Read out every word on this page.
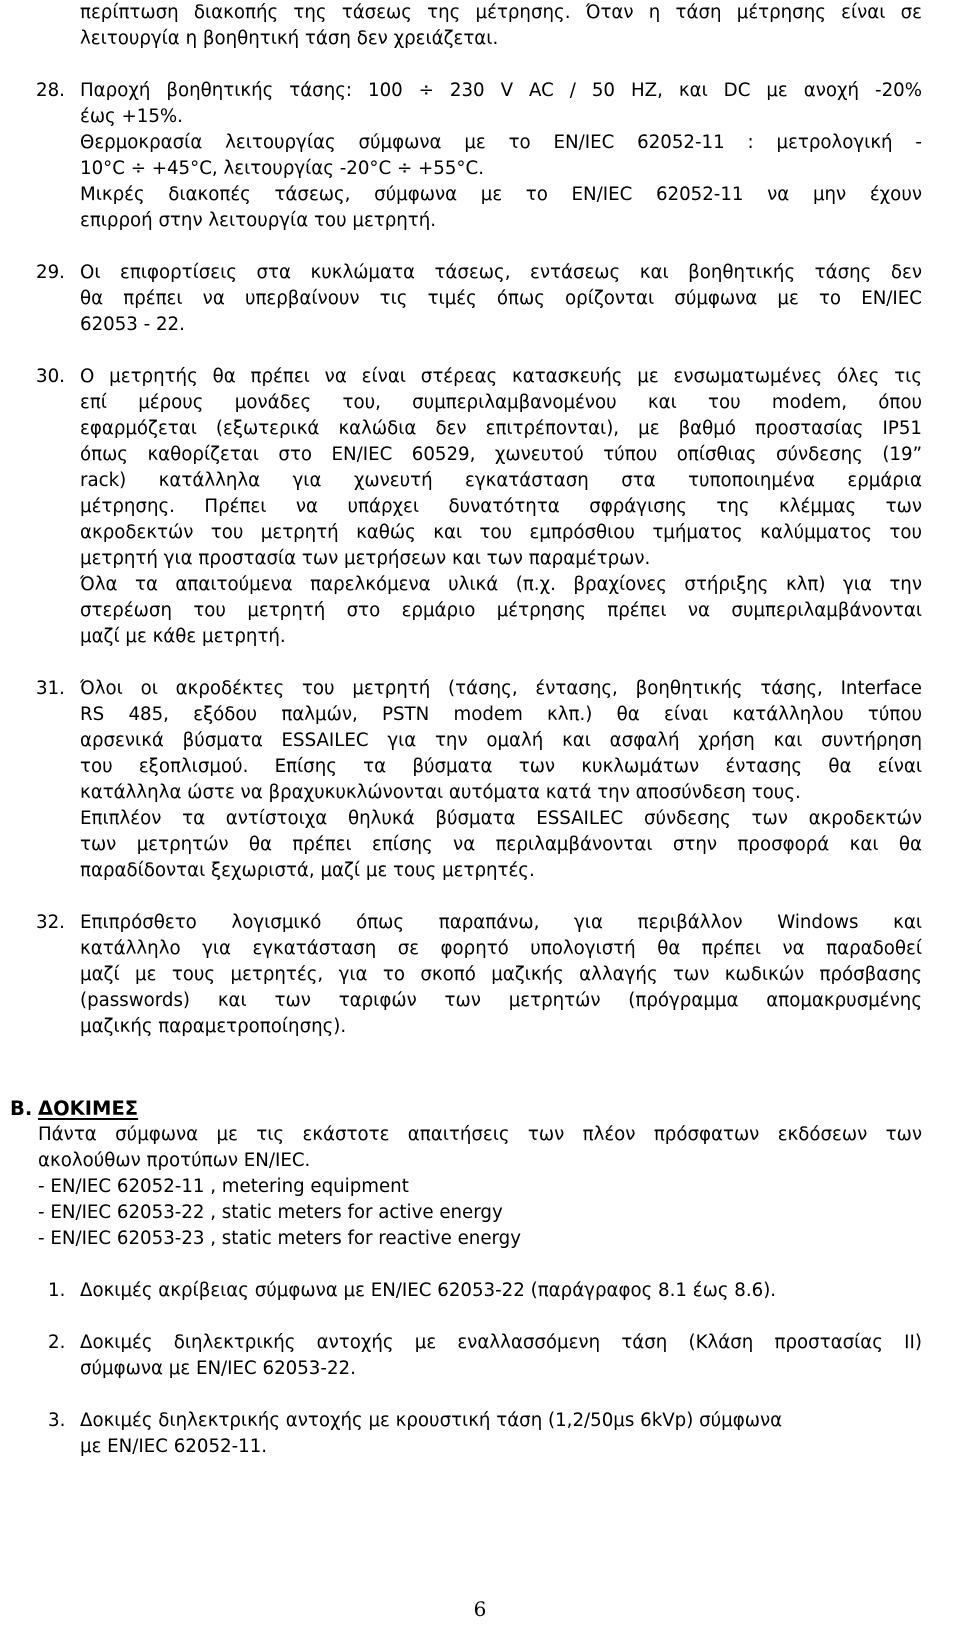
περίπτωση διακοπής της τάσεως της μέτρησης. Όταν η τάση μέτρησης είναι σε
λειτουργία η βοηθητική τάση δεν χρειάζεται.
28. Παροχή βοηθητικής τάσης: 100 ÷ 230 V AC / 50 HZ, και DC με ανοχή -20%
έως +15%.
Θερμοκρασία λειτουργίας σύμφωνα με το EN/IEC 62052-11 : μετρολογική -
10°C ÷ +45°C, λειτουργίας -20°C ÷ +55°C.
Μικρές διακοπές τάσεως, σύμφωνα με το EN/IEC 62052-11 να μην έχουν
επιρροή στην λειτουργία του μετρητή.
29. Οι επιφορτίσεις στα κυκλώματα τάσεως, εντάσεως και βοηθητικής τάσης δεν
θα πρέπει να υπερβαίνουν τις τιμές όπως ορίζονται σύμφωνα με το EN/IEC
62053 - 22.
30. Ο μετρητής θα πρέπει να είναι στέρεας κατασκευής με ενσωματωμένες όλες τις
επί μέρους μονάδες του, συμπεριλαμβανομένου και του modem, όπου
εφαρμόζεται (εξωτερικά καλώδια δεν επιτρέπονται), με βαθμό προστασίας IP51
όπως καθορίζεται στο EN/IEC 60529, χωνευτού τύπου οπίσθιας σύνδεσης (19”
rack) κατάλληλα για χωνευτή εγκατάσταση στα τυποποιημένα ερμάρια
μέτρησης. Πρέπει να υπάρχει δυνατότητα σφράγισης της κλέμμας των
ακροδεκτών του μετρητή καθώς και του εμπρόσθιου τμήματος καλύμματος του
μετρητή για προστασία των μετρήσεων και των παραμέτρων.
Όλα τα απαιτούμενα παρελκόμενα υλικά (π.χ. βραχίονες στήριξης κλπ) για την
στερέωση του μετρητή στο ερμάριο μέτρησης πρέπει να συμπεριλαμβάνονται
μαζί με κάθε μετρητή.
31. Όλοι οι ακροδέκτες του μετρητή (τάσης, έντασης, βοηθητικής τάσης, Interface
RS 485, εξόδου παλμών, PSTN modem κλπ.) θα είναι κατάλληλου τύπου
αρσενικά βύσματα ESSAILEC για την ομαλή και ασφαλή χρήση και συντήρηση
του εξοπλισμού. Επίσης τα βύσματα των κυκλωμάτων έντασης θα είναι
κατάλληλα ώστε να βραχυκυκλώνονται αυτόματα κατά την αποσύνδεση τους.
Επιπλέον τα αντίστοιχα θηλυκά βύσματα ESSAILEC σύνδεσης των ακροδεκτών
των μετρητών θα πρέπει επίσης να περιλαμβάνονται στην προσφορά και θα
παραδίδονται ξεχωριστά, μαζί με τους μετρητές.
32. Επιπρόσθετο λογισμικό όπως παραπάνω, για περιβάλλον Windows και
κατάλληλο για εγκατάσταση σε φορητό υπολογιστή θα πρέπει να παραδοθεί
μαζί με τους μετρητές, για το σκοπό μαζικής αλλαγής των κωδικών πρόσβασης
(passwords) και των ταριφών των μετρητών (πρόγραμμα απομακρυσμένης
μαζικής παραμετροποίησης).
Β. ΔΟΚΙΜΕΣ
Πάντα σύμφωνα με τις εκάστοτε απαιτήσεις των πλέον πρόσφατων εκδόσεων των
ακολούθων προτύπων EN/IEC.
- EN/IEC 62052-11 , metering equipment
- EN/IEC 62053-22 , static meters for active energy
- EN/IEC 62053-23 , static meters for reactive energy
1. Δοκιμές ακρίβειας σύμφωνα με EN/IEC 62053-22 (παράγραφος 8.1 έως 8.6).
2. Δοκιμές διηλεκτρικής αντοχής με εναλλασσόμενη τάση (Κλάση προστασίας ΙΙ)
σύμφωνα με EN/IEC 62053-22.
3. Δοκιμές διηλεκτρικής αντοχής με κρουστική τάση (1,2/50μs 6kVp) σύμφωνα
με EN/IEC 62052-11.
6
